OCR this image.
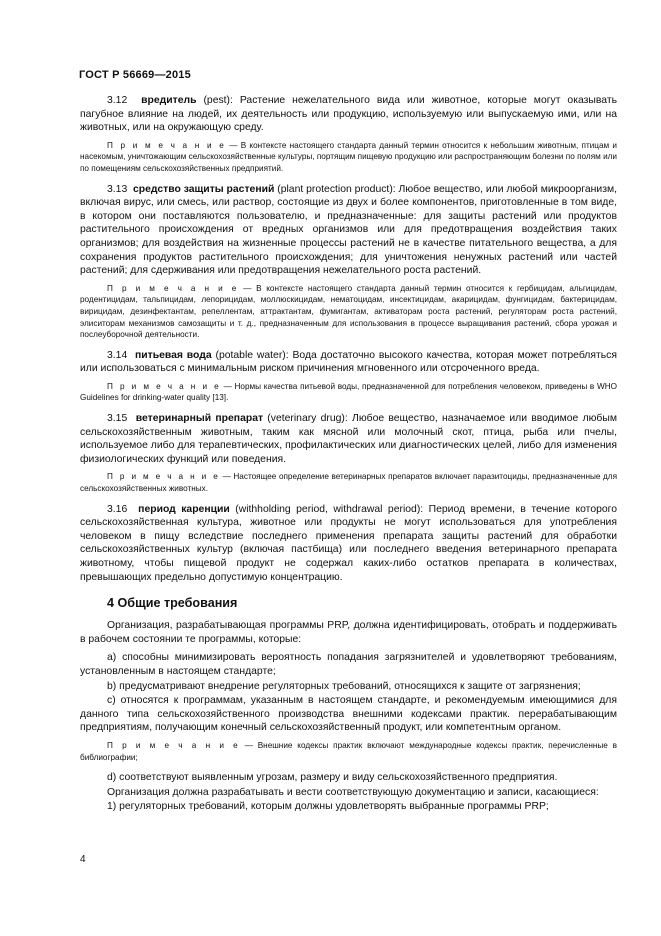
ГОСТ Р 56669—2015

3.12 вредитель (pest): Растение нежелательного вида или животное, которые могут оказывать пагубное влияние на людей, их деятельность или продукцию, используемую или выпускаемую ими, или на животных, или на окружающую среду.

П р и м е ч а н и е — В контексте настоящего стандарта данный термин относится к небольшим животным, птицам и насекомым, уничтожающим сельскохозяйственные культуры, портящим пищевую продукцию или распространяющим болезни по полям или по помещениям сельскохозяйственных предприятий.

3.13 средство защиты растений (plant protection product): Любое вещество, или любой микроорганизм, включая вирус, или смесь, или раствор, состоящие из двух и более компонентов, приготовленные в том виде, в котором они поставляются пользователю, и предназначенные: для защиты растений или продуктов растительного происхождения от вредных организмов или для предотвращения воздействия таких организмов; для воздействия на жизненные процессы растений не в качестве питательного вещества, а для сохранения продуктов растительного происхождения; для уничтожения ненужных растений или частей растений; для сдерживания или предотвращения нежелательного роста растений.

П р и м е ч а н и е — В контексте настоящего стандарта данный термин относится к гербицидам, альгицидам, родентицидам, тальпицидам, лепорицидам, моллюскицидам, нематоцидам, инсектицидам, акарицидам, фунгицидам, бактерицидам, вирицидам, дезинфектантам, репеллентам, аттрактантам, фумигантам, активаторам роста растений, регуляторам роста растений, элиситорам механизмов самозащиты и т. д., предназначенным для использования в процессе выращивания растений, сбора урожая и послеуборочной деятельности.

3.14 питьевая вода (potable water): Вода достаточно высокого качества, которая может потребляться или использоваться с минимальным риском причинения мгновенного или отсроченного вреда.

П р и м е ч а н и е — Нормы качества питьевой воды, предназначенной для потребления человеком, приведены в WHO Guidelines for drinking-water quality [13].

3.15 ветеринарный препарат (veterinary drug): Любое вещество, назначаемое или вводимое любым сельскохозяйственным животным, таким как мясной или молочный скот, птица, рыба или пчелы, используемое либо для терапевтических, профилактических или диагностических целей, либо для изменения физиологических функций или поведения.

П р и м е ч а н и е — Настоящее определение ветеринарных препаратов включает паразитоциды, предназначенные для сельскохозяйственных животных.

3.16 период каренции (withholding period, withdrawal period): Период времени, в течение которого сельскохозяйственная культура, животное или продукты не могут использоваться для употребления человеком в пищу вследствие последнего применения препарата защиты растений для обработки сельскохозяйственных культур (включая пастбища) или последнего введения ветеринарного препарата животному, чтобы пищевой продукт не содержал каких-либо остатков препарата в количествах, превышающих предельно допустимую концентрацию.

4 Общие требования

Организация, разрабатывающая программы PRP, должна идентифицировать, отобрать и поддерживать в рабочем состоянии те программы, которые:

а) способны минимизировать вероятность попадания загрязнителей и удовлетворяют требованиям, установленным в настоящем стандарте;

b) предусматривают внедрение регуляторных требований, относящихся к защите от загрязнения;

с) относятся к программам, указанным в настоящем стандарте, и рекомендуемым имеющимися для данного типа сельскохозяйственного производства внешними кодексами практик. перерабатывающим предприятиям, получающим конечный сельскохозяйственный продукт, или компетентным органом.

П р и м е ч а н и е — Внешние кодексы практик включают международные кодексы практик, перечисленные в библиографии;

d) соответствуют выявленным угрозам, размеру и виду сельскохозяйственного предприятия.

Организация должна разрабатывать и вести соответствующую документацию и записи, касающиеся:

1) регуляторных требований, которым должны удовлетворять выбранные программы PRP;

4
